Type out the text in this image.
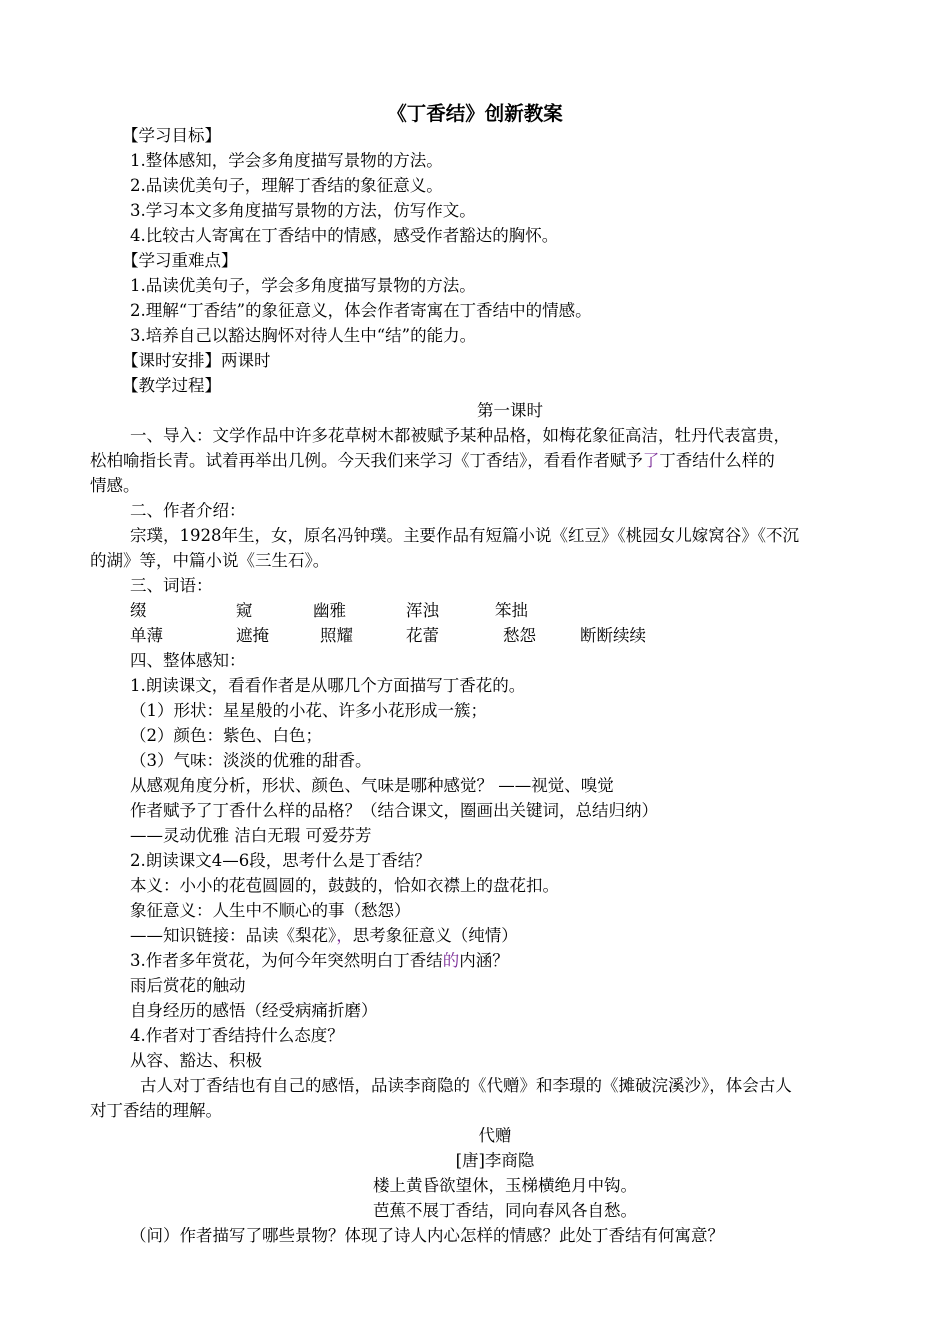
《丁香结》创新教案
【学习目标】
1.整体感知，学会多角度描写景物的方法。
2.品读优美句子，理解丁香结的象征意义。
3.学习本文多角度描写景物的方法，仿写作文。
4.比较古人寄寓在丁香结中的情感，感受作者豁达的胸怀。
【学习重难点】
1.品读优美句子，学会多角度描写景物的方法。
2.理解“丁香结”的象征意义，体会作者寄寓在丁香结中的情感。
3.培养自己以豁达胸怀对待人生中“结”的能力。
【课时安排】两课时
【教学过程】
第一课时
一、导入：文学作品中许多花草树木都被赋予某种品格，如梅花象征高洁，牡丹代表富贵，
松柏喻指长青。试着再举出几例。今天我们来学习《丁香结》，看看作者赋予了丁香结什么样的
情感。
二、作者介绍：
宗璞，1928年生，女，原名冯钟璞。主要作品有短篇小说《红豆》《桃园女儿嫁窝谷》《不沉
的湖》等，中篇小说《三生石》。
三、词语：
缀	窥	幽雅	浑浊	笨拙
单薄	遮掩	照耀	花蕾	愁怨	断断续续
四、整体感知：
1.朗读课文，看看作者是从哪几个方面描写丁香花的。
（1）形状：星星般的小花、许多小花形成一簇；
（2）颜色：紫色、白色；
（3）气味：淡淡的优雅的甜香。
从感观角度分析，形状、颜色、气味是哪种感觉？ ——视觉、嗅觉
作者赋予了丁香什么样的品格？（结合课文，圈画出关键词，总结归纳）
——灵动优雅 洁白无瑕 可爱芬芳
2.朗读课文4—6段，思考什么是丁香结？
本义：小小的花苞圆圆的，鼓鼓的，恰如衣襟上的盘花扣。
象征意义：人生中不顺心的事（愁怨）
——知识链接：品读《梨花》，思考象征意义（纯情）
3.作者多年赏花，为何今年突然明白丁香结的内涵？
雨后赏花的触动
自身经历的感悟（经受病痛折磨）
4.作者对丁香结持什么态度？
从容、豁达、积极
古人对丁香结也有自己的感悟，品读李商隐的《代赠》和李璟的《摊破浣溪沙》，体会古人
对丁香结的理解。
代赠
[唐]李商隐
楼上黄昏欲望休，玉梯横绝月中钩。
芭蕉不展丁香结，同向春风各自愁。
（问）作者描写了哪些景物？体现了诗人内心怎样的情感？此处丁香结有何寓意？
